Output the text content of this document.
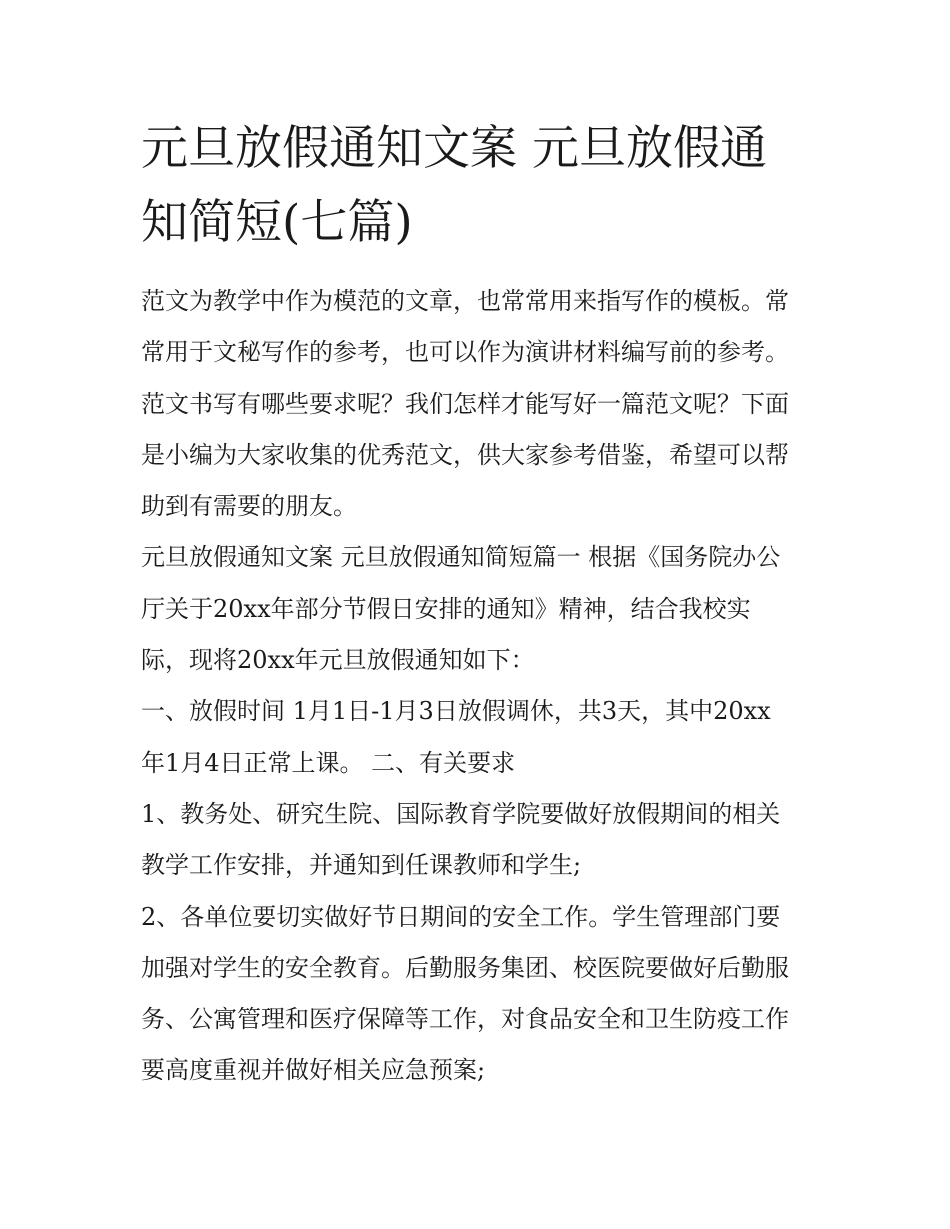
元旦放假通知文案 元旦放假通
知简短(七篇)
范文为教学中作为模范的文章，也常常用来指写作的模板。常
常用于文秘写作的参考，也可以作为演讲材料编写前的参考。
范文书写有哪些要求呢？我们怎样才能写好一篇范文呢？下面
是小编为大家收集的优秀范文，供大家参考借鉴，希望可以帮
助到有需要的朋友。
元旦放假通知文案 元旦放假通知简短篇一 根据《国务院办公
厅关于20xx年部分节假日安排的通知》精神，结合我校实
际，现将20xx年元旦放假通知如下：
一、放假时间 1月1日-1月3日放假调休，共3天，其中20xx
年1月4日正常上课。 二、有关要求
1、教务处、研究生院、国际教育学院要做好放假期间的相关
教学工作安排，并通知到任课教师和学生;
2、各单位要切实做好节日期间的安全工作。学生管理部门要
加强对学生的安全教育。后勤服务集团、校医院要做好后勤服
务、公寓管理和医疗保障等工作，对食品安全和卫生防疫工作
要高度重视并做好相关应急预案;
